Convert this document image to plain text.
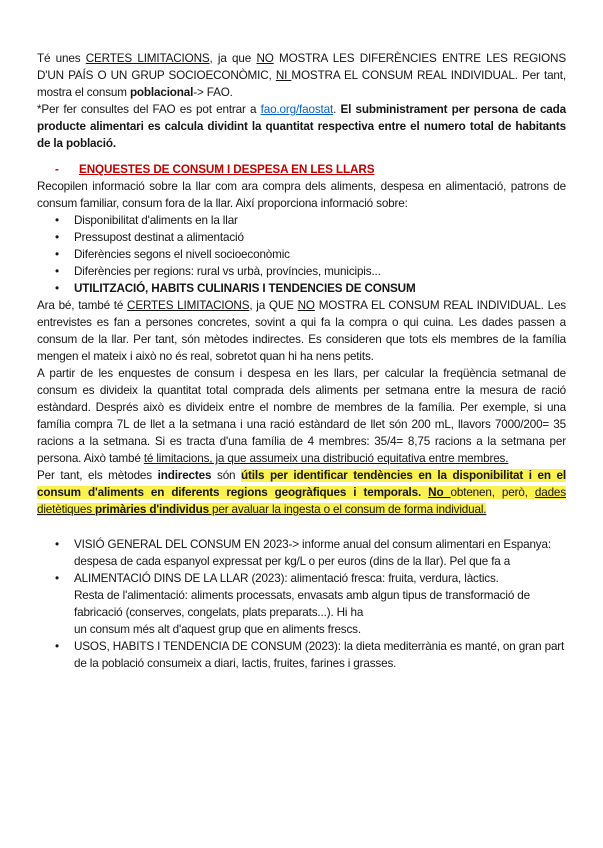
Té unes CERTES LIMITACIONS, ja que NO MOSTRA LES DIFERÈNCIES ENTRE LES REGIONS D'UN PAÍS O UN GRUP SOCIOECONÒMIC, NI MOSTRA EL CONSUM REAL INDIVIDUAL. Per tant, mostra el consum poblacional-> FAO.

*Per fer consultes del FAO es pot entrar a fao.org/faostat. El subministrament per persona de cada producte alimentari es calcula dividint la quantitat respectiva entre el numero total de habitants de la població.

-	ENQUESTES DE CONSUM I DESPESA EN LES LLARS

Recopilen informació sobre la llar com ara compra dels aliments, despesa en alimentació, patrons de consum familiar, consum fora de la llar. Així proporciona informació sobre:

• Disponibilitat d'aliments en la llar
• Pressupost destinat a alimentació
• Diferències segons el nivell socioeconòmic
• Diferències per regions: rural vs urbà, províncies, municipis...
• UTILITZACIÓ, HABITS CULINARIS I TENDENCIES DE CONSUM

Ara bé, també té CERTES LIMITACIONS, ja QUE NO MOSTRA EL CONSUM REAL INDIVIDUAL. Les entrevistes es fan a persones concretes, sovint a qui fa la compra o qui cuina. Les dades passen a consum de la llar. Per tant, són mètodes indirectes. Es consideren que tots els membres de la família mengen el mateix i això no és real, sobretot quan hi ha nens petits.

A partir de les enquestes de consum i despesa en les llars, per calcular la freqüència setmanal de consum es divideix la quantitat total comprada dels aliments per setmana entre la mesura de ració estàndard. Després això es divideix entre el nombre de membres de la família. Per exemple, si una família compra 7L de llet a la setmana i una ració estàndard de llet són 200 mL, llavors 7000/200= 35 racions a la setmana. Si es tracta d'una família de 4 membres: 35/4= 8,75 racions a la setmana per persona. Això també té limitacions, ja que assumeix una distribució equitativa entre membres.

Per tant, els mètodes indirectes són útils per identificar tendències en la disponibilitat i en el consum d'aliments en diferents regions geogràfiques i temporals. No obtenen, però, dades dietètiques primàries d'individus per avaluar la ingesta o el consum de forma individual.

• VISIÓ GENERAL DEL CONSUM EN 2023-> informe anual del consum alimentari en Espanya: despesa de cada espanyol expressat per kg/L o per euros (dins de la llar). Pel que fa a
• ALIMENTACIÓ DINS DE LA LLAR (2023): alimentació fresca: fruita, verdura, làctics.
Resta de l'alimentació: aliments processats, envasats amb algun tipus de transformació de fabricació (conserves, congelats, plats preparats...). Hi ha
un consum més alt d'aquest grup que en aliments frescs.
• USOS, HABITS I TENDENCIA DE CONSUM (2023): la dieta mediterrània es manté, on gran part de la població consumeix a diari, lactis, fruites, farines i grasses.
